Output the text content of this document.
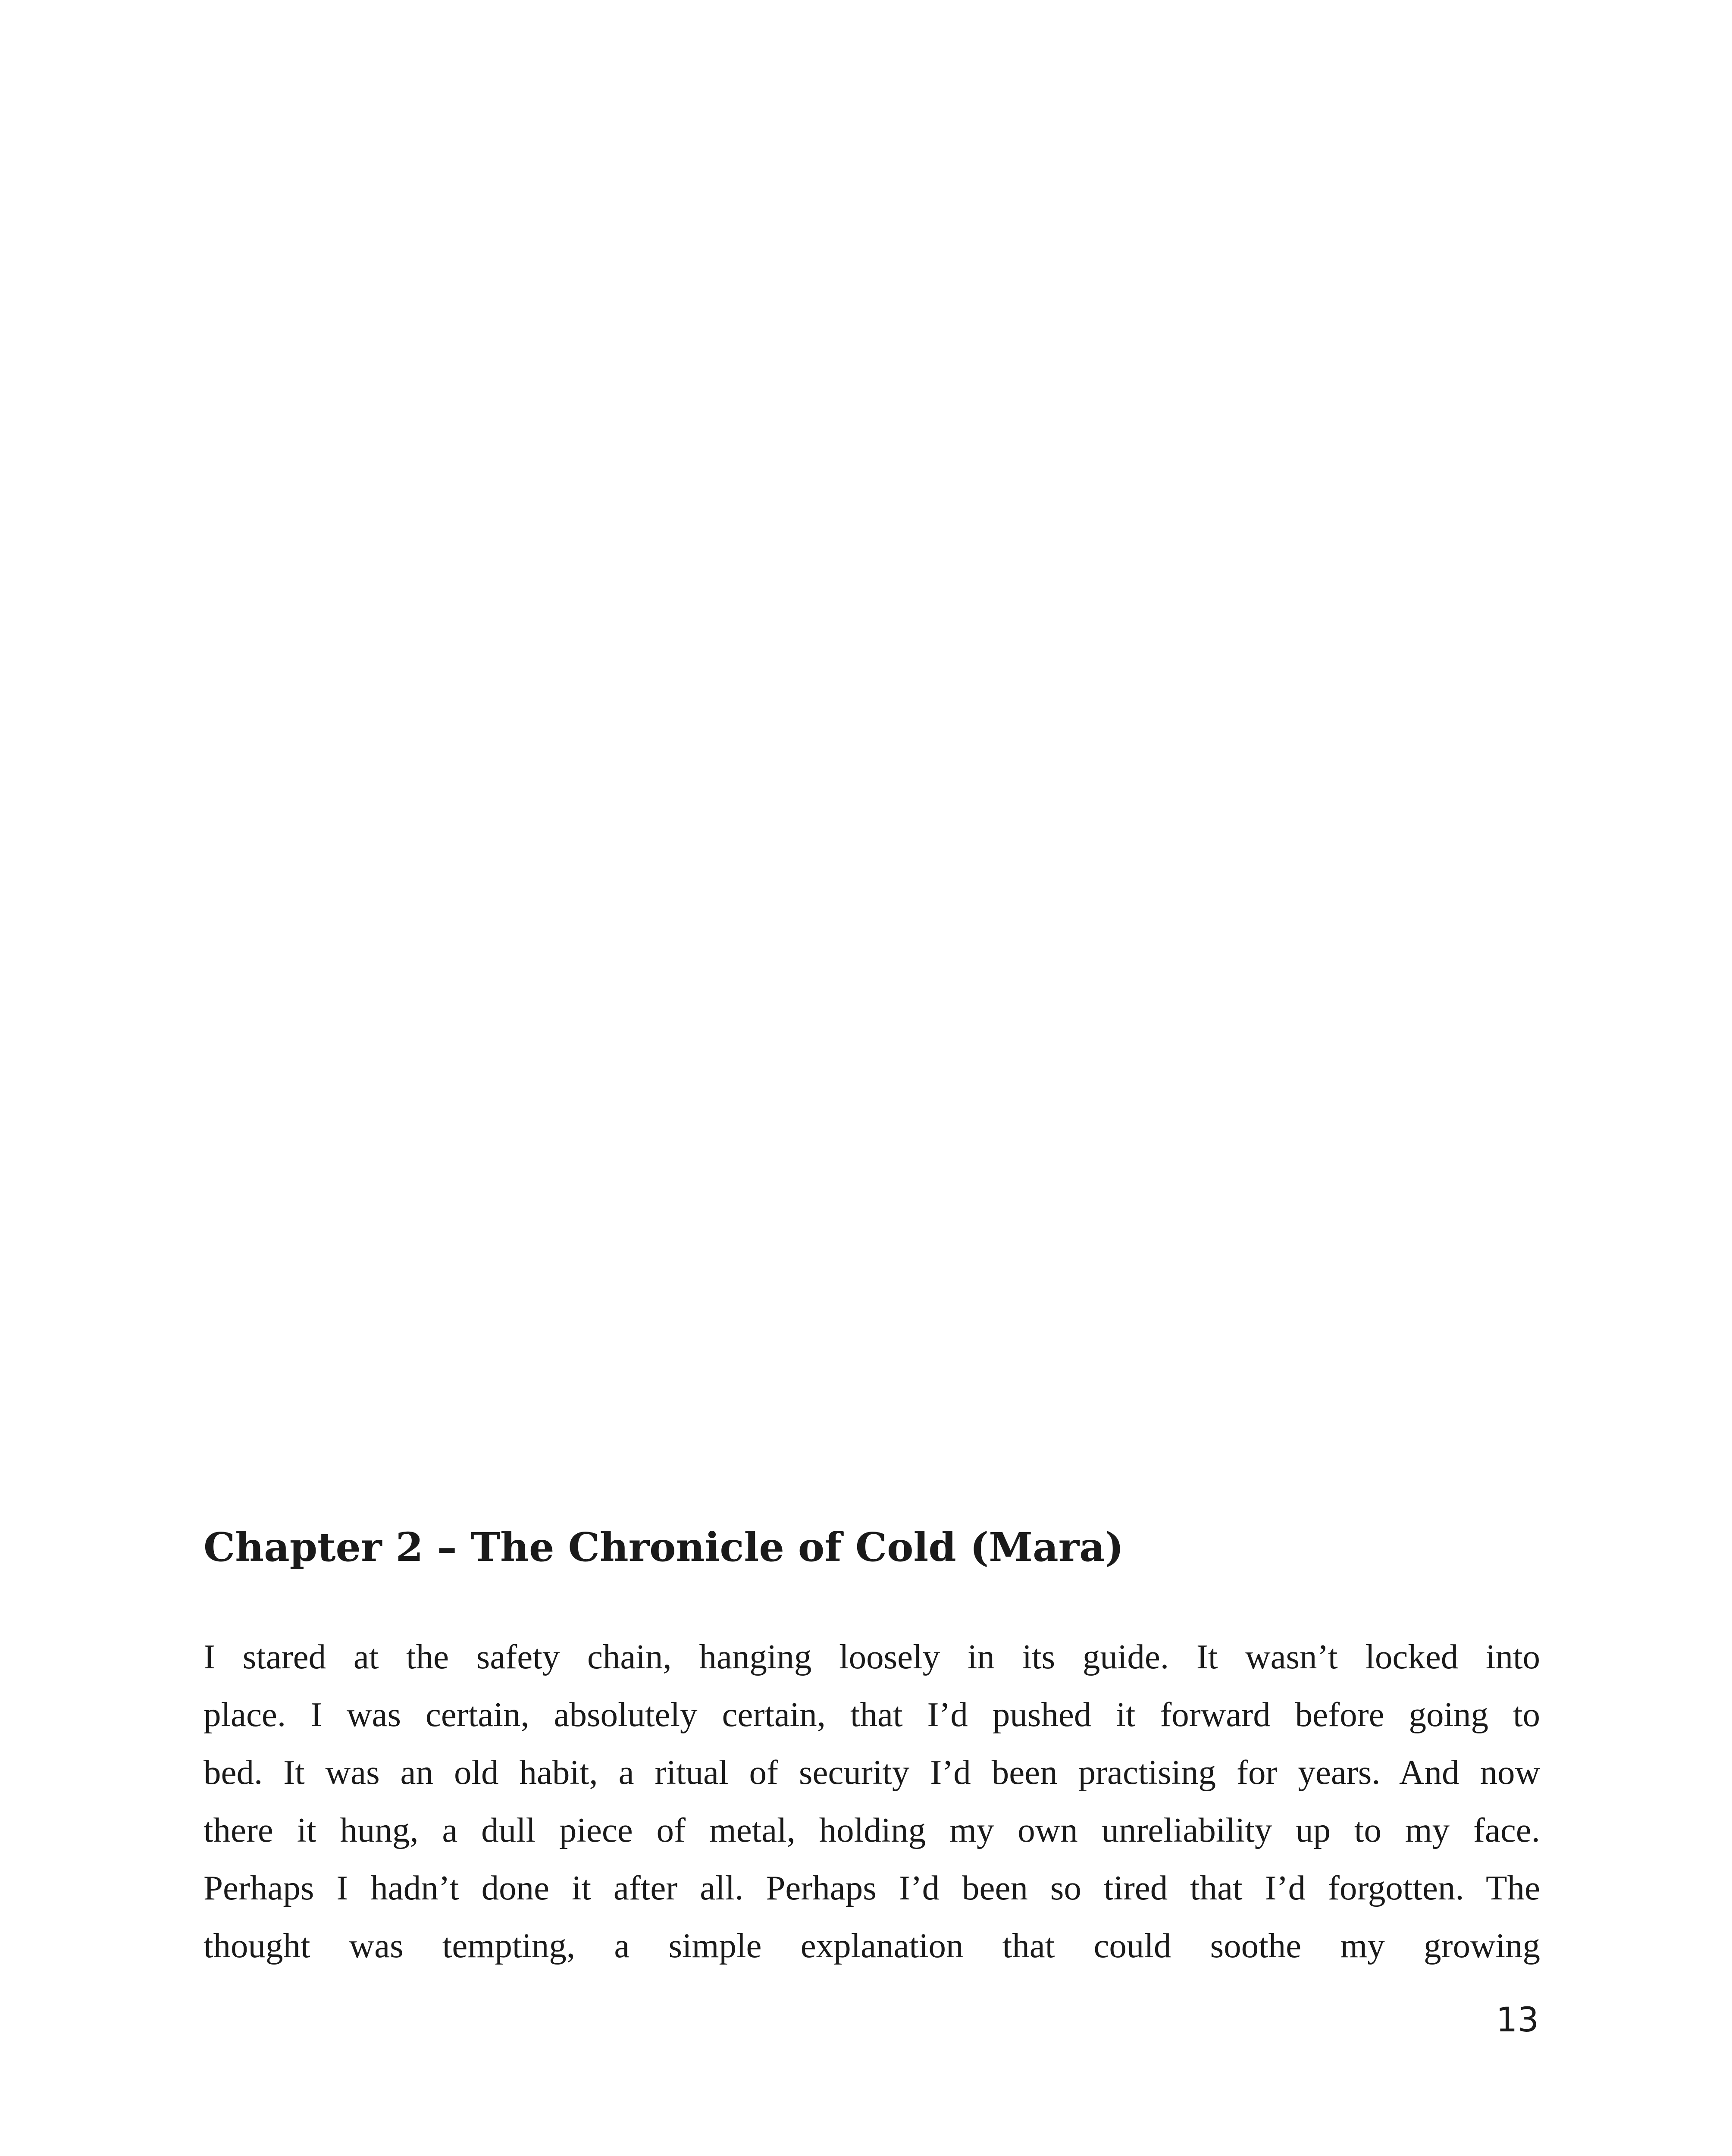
Chapter 2 – The Chronicle of Cold (Mara)
I stared at the safety chain, hanging loosely in its guide. It wasn’t locked into
place. I was certain, absolutely certain, that I’d pushed it forward before going to
bed. It was an old habit, a ritual of security I’d been practising for years. And now
there it hung, a dull piece of metal, holding my own unreliability up to my face.
Perhaps I hadn’t done it after all. Perhaps I’d been so tired that I’d forgotten. The
thought was tempting, a simple explanation that could soothe my growing

13
